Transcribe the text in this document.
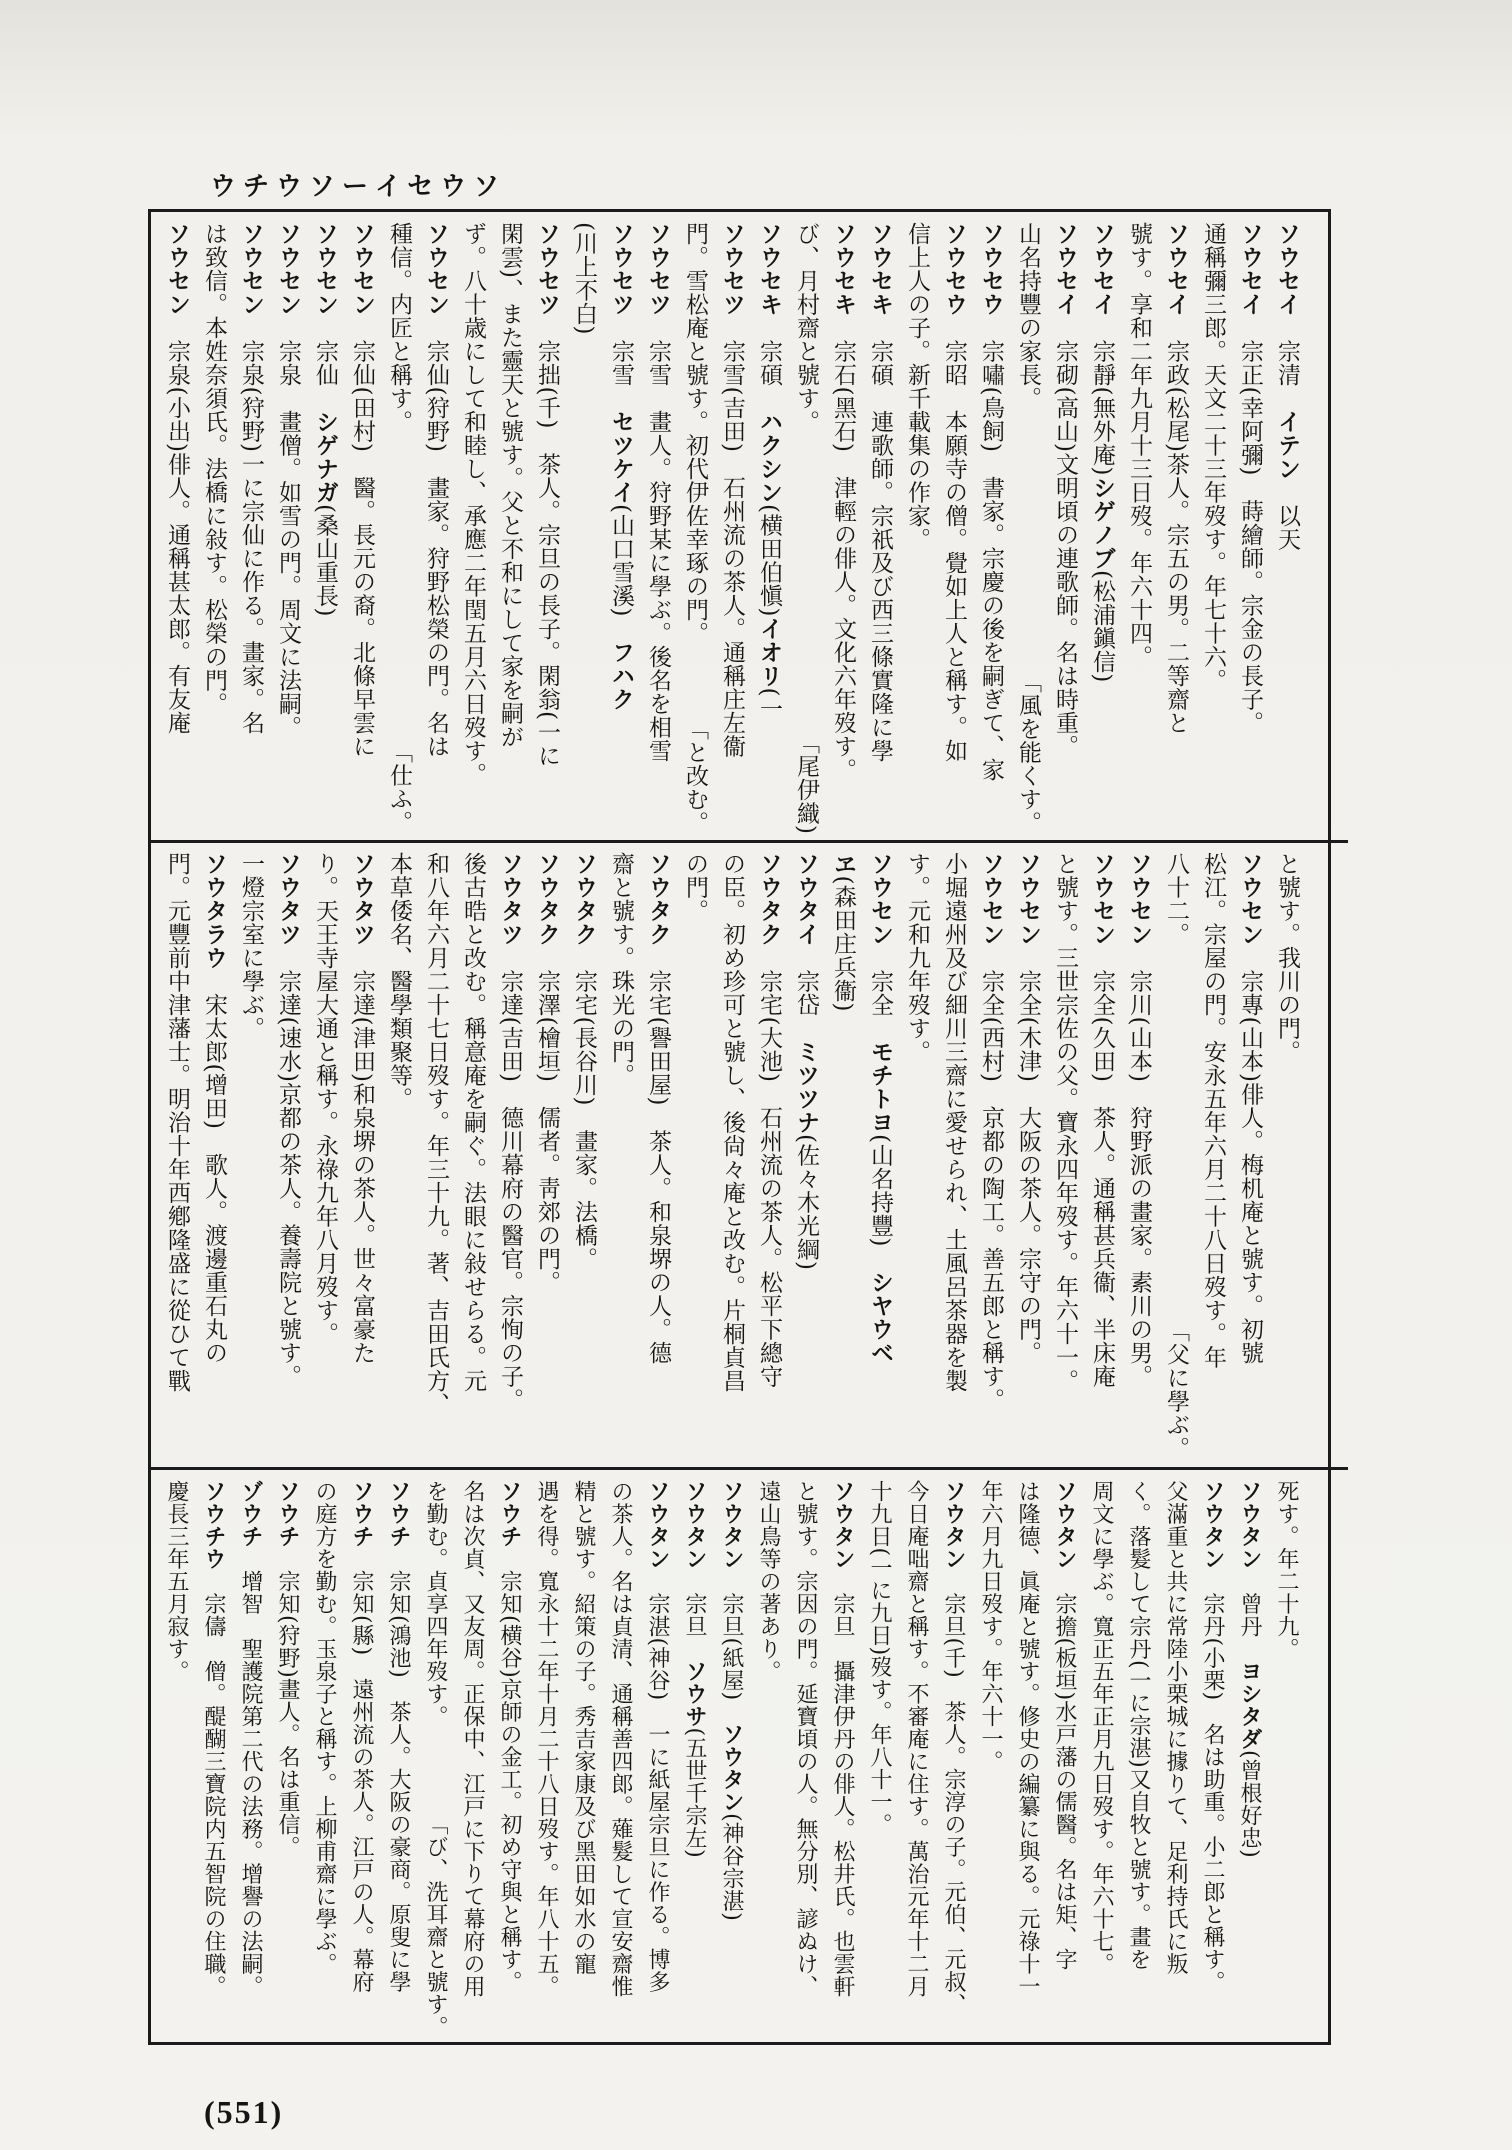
ソウセイーソウチウ
ソウセイ　宗清　イテン　以天
ソウセイ　宗正(幸阿彌)　蒔繪師。宗金の長子。
通稱彌三郎。天文二十三年歿す。年七十六。
ソウセイ　宗政(松尾)茶人。宗五の男。二等齋と
號す。享和二年九月十三日歿。年六十四。
ソウセイ　宗靜(無外庵)シゲノブ(松浦鎭信)
ソウセイ　宗砌(高山)文明頃の連歌師。名は時重。
山名持豐の家長。
「風を能くす。
ソウセウ　宗嘯(鳥飼)　書家。宗慶の後を嗣ぎて、家
ソウセウ　宗昭　本願寺の僧。覺如上人と稱す。如
信上人の子。新千載集の作家。
ソウセキ　宗碩　連歌師。宗祇及び西三條實隆に學
ソウセキ　宗石(黑石)　津輕の俳人。文化六年歿す。
び、月村齋と號す。
「尾伊織)
ソウセキ　宗碩　ハクシン(横田伯愼)イオリ(一
ソウセツ　宗雪(吉田)　石州流の茶人。通稱庄左衞
門。雪松庵と號す。初代伊佐幸琢の門。
「と改む。
ソウセツ　宗雪　畫人。狩野某に學ぶ。後名を相雪
ソウセツ　宗雪　セツケイ(山口雪溪)　フハク
(川上不白)
ソウセツ　宗拙(千)　茶人。宗旦の長子。閑翁(一に
閑雲)、また靈天と號す。父と不和にして家を嗣が
ず。八十歳にして和睦し、承應二年閏五月六日歿す。
ソウセン　宗仙(狩野)　畫家。狩野松榮の門。名は
種信。内匠と稱す。
「仕ふ。
ソウセン　宗仙(田村)　醫。長元の裔。北條早雲に
ソウセン　宗仙　シゲナガ(桑山重長)
ソウセン　宗泉　畫僧。如雪の門。周文に法嗣。
ソウセン　宗泉(狩野)一に宗仙に作る。畫家。名
は致信。本姓奈須氏。法橋に敍す。松榮の門。
ソウセン　宗泉(小出)俳人。通稱甚太郎。有友庵
と號す。我川の門。
ソウセン　宗專(山本)俳人。梅机庵と號す。初號
松江。宗屋の門。安永五年六月二十八日歿す。年
八十二。
「父に學ぶ。
ソウセン　宗川(山本)　狩野派の畫家。素川の男。
ソウセン　宗全(久田)　茶人。通稱甚兵衞、半床庵
と號す。三世宗佐の父。寶永四年歿す。年六十一。
ソウセン　宗全(木津)　大阪の茶人。宗守の門。
ソウセン　宗全(西村)　京都の陶工。善五郎と稱す。
小堀遠州及び細川三齋に愛せられ、土風呂茶器を製
す。元和九年歿す。
ソウセン　宗全　モチトヨ(山名持豐)　シヤウベ
ヱ(森田庄兵衞)
ソウタイ　宗岱　ミツツナ(佐々木光綱)
ソウタク　宗宅(大池)　石州流の茶人。松平下總守
の臣。初め珍可と號し、後尙々庵と改む。片桐貞昌
の門。
ソウタク　宗宅(譽田屋)　茶人。和泉堺の人。德
齋と號す。珠光の門。
ソウタク　宗宅(長谷川)　畫家。法橋。
ソウタク　宗澤(檜垣)　儒者。靑郊の門。
ソウタツ　宗達(吉田)　德川幕府の醫官。宗恂の子。
後古晧と改む。稱意庵を嗣ぐ。法眼に敍せらる。元
和八年六月二十七日歿す。年三十九。著、吉田氏方、
本草倭名、醫學類聚等。
ソウタツ　宗達(津田)和泉堺の茶人。世々富豪た
り。天王寺屋大通と稱す。永祿九年八月歿す。
ソウタツ　宗達(速水)京都の茶人。養壽院と號す。
一燈宗室に學ぶ。
ソウタラウ　宋太郎(增田)　歌人。渡邊重石丸の
門。元豐前中津藩士。明治十年西鄕隆盛に從ひて戰
死す。年二十九。
ソウタン　曾丹　ヨシタダ(曾根好忠)
ソウタン　宗丹(小栗)　名は助重。小二郎と稱す。
父滿重と共に常陸小栗城に據りて、足利持氏に叛
く。落髮して宗丹(一に宗湛)又自牧と號す。畫を
周文に學ぶ。寬正五年正月九日歿す。年六十七。
ソウタン　宗擔(板垣)水戸藩の儒醫。名は矩、字
は隆德、眞庵と號す。修史の編纂に與る。元祿十一
年六月九日歿す。年六十一。
ソウタン　宗旦(千)　茶人。宗淳の子。元伯、元叔、
今日庵咄齋と稱す。不審庵に住す。萬治元年十二月
十九日(一に九日)歿す。年八十一。
ソウタン　宗旦　攝津伊丹の俳人。松井氏。也雲軒
と號す。宗因の門。延寶頃の人。無分別、諺ぬけ、
遠山鳥等の著あり。
ソウタン　宗旦(紙屋)　ソウタン(神谷宗湛)
ソウタン　宗旦　ソウサ(五世千宗左)
ソウタン　宗湛(神谷)　一に紙屋宗旦に作る。博多
の茶人。名は貞清、通稱善四郎。薙髮して宣安齋惟
精と號す。紹策の子。秀吉家康及び黑田如水の寵
遇を得。寬永十二年十月二十八日歿す。年八十五。
ソウチ　宗知(横谷)京師の金工。初め守與と稱す。
名は次貞、又友周。正保中、江戸に下りて幕府の用
を勤む。貞享四年歿す。
「び、洗耳齋と號す。
ソウチ　宗知(鴻池)　茶人。大阪の豪商。原叟に學
ソウチ　宗知(縣)　遠州流の茶人。江戸の人。幕府
の庭方を勤む。玉泉子と稱す。上柳甫齋に學ぶ。
ソウチ　宗知(狩野)畫人。名は重信。
ゾウチ　增智　聖護院第二代の法務。增譽の法嗣。
ソウチウ　宗儔　僧。醍醐三寶院内五智院の住職。
慶長三年五月寂す。
(551)
